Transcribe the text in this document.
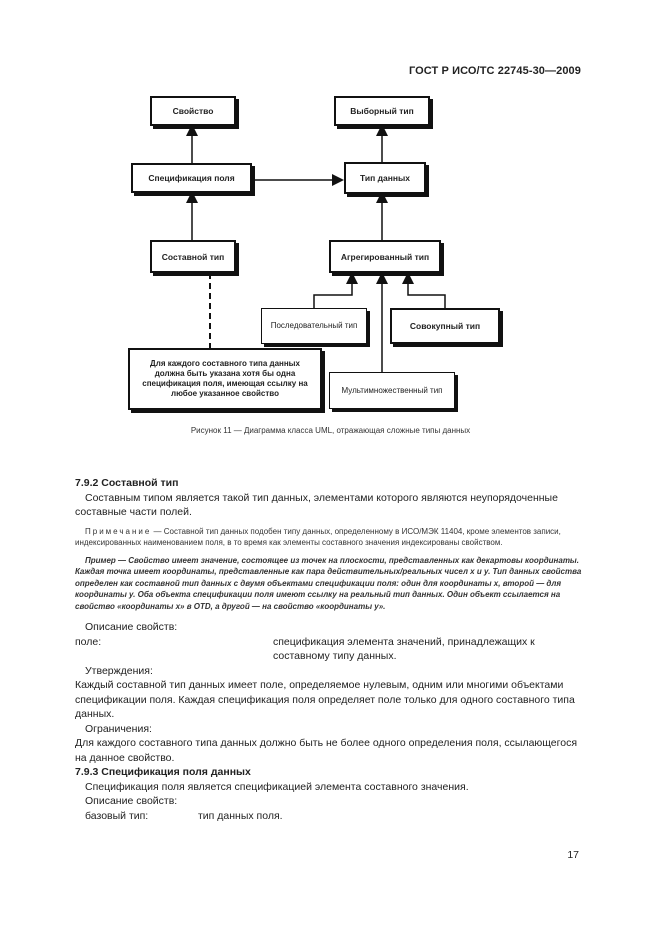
ГОСТ Р ИСО/ТС 22745-30—2009
Свойство
Спецификация поля
Составной тип
Для каждого составного типа данных должна быть указана хотя бы одна спецификация поля, имеющая ссылку на любое указанное свойство
Выборный тип
Тип данных
Агрегированный тип
Последовательный тип	Совокупный тип
Мультимножественный тип
Рисунок 11 — Диаграмма класса UML, отражающая сложные типы данных
7.9.2 Составной тип
Составным типом является такой тип данных, элементами которого являются неупорядоченные составные части полей.
Примечание — Составной тип данных подобен типу данных, определенному в ИСО/МЭК 11404, кроме элементов записи, индексированных наименованием поля, в то время как элементы составного значения индексированы свойством.
Пример — Свойство имеет значение, состоящее из точек на плоскости, представленных как декартовы координаты. Каждая точка имеет координаты, представленные как пара действительных/реальных чисел x и y. Тип данных свойства определен как составной тип данных с двумя объектами спецификации поля: один для координаты x, второй — для координаты y. Оба объекта спецификации поля имеют ссылку на реальный тип данных. Один объект ссылается на свойство «координаты x» в OTD, а другой — на свойство «координаты y».
Описание свойств:
поле:	спецификация элемента значений, принадлежащих к составному типу данных.
Утверждения:
Каждый составной тип данных имеет поле, определяемое нулевым, одним или многими объектами спецификации поля. Каждая спецификация поля определяет поле только для одного составного типа данных.
Ограничения:
Для каждого составного типа данных должно быть не более одного определения поля, ссылающегося на данное свойство.
7.9.3 Спецификация поля данных
Спецификация поля является спецификацией элемента составного значения.
Описание свойств:
базовый тип:	тип данных поля.
17
